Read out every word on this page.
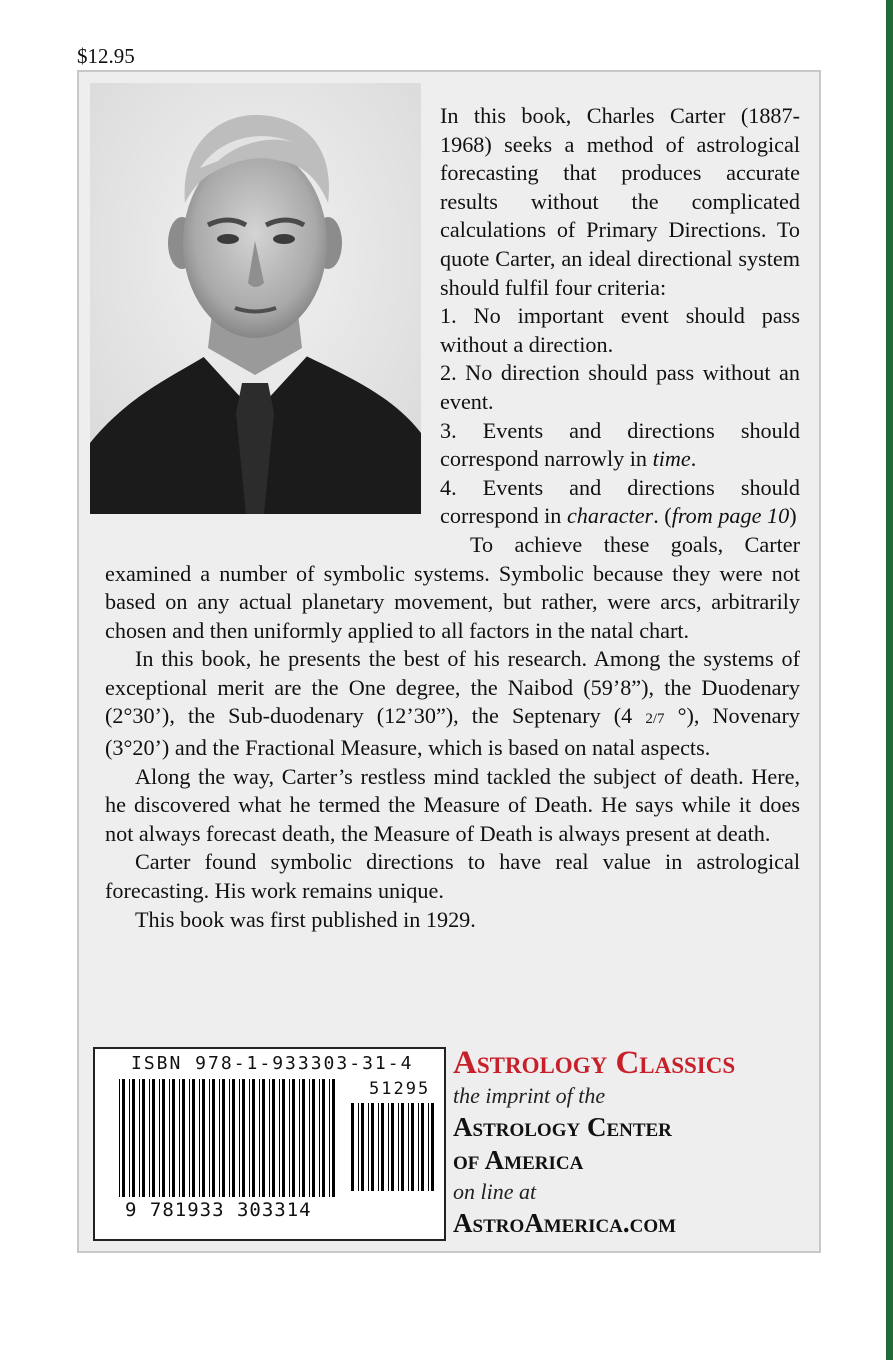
$12.95

In this book, Charles Carter (1887-1968) seeks a method of astrological forecasting that produces accurate results without the complicated calculations of Primary Directions. To quote Carter, an ideal directional system should fulfil four criteria:

1. No important event should pass without a direction.

2. No direction should pass without an event.

3. Events and directions should correspond narrowly in time.

4. Events and directions should correspond in character. (from page 10)

To achieve these goals, Carter examined a number of symbolic systems. Symbolic because they were not based on any actual planetary movement, but rather, were arcs, arbitrarily chosen and then uniformly applied to all factors in the natal chart.

In this book, he presents the best of his research. Among the systems of exceptional merit are the One degree, the Naibod (59’8”), the Duodenary (2°30’), the Sub-duodenary (12’30”), the Septenary (4 2/7 °), Novenary (3°20’) and the Fractional Measure, which is based on natal aspects.

Along the way, Carter’s restless mind tackled the subject of death. Here, he discovered what he termed the Measure of Death. He says while it does not always forecast death, the Measure of Death is always present at death.

Carter found symbolic directions to have real value in astrological forecasting. His work remains unique.

This book was first published in 1929.

ISBN 978-1-933303-31-4
51295
9 781933 303314
Astrology Classics
the imprint of the
Astrology Center
of America
on line at
AstroAmerica.com
